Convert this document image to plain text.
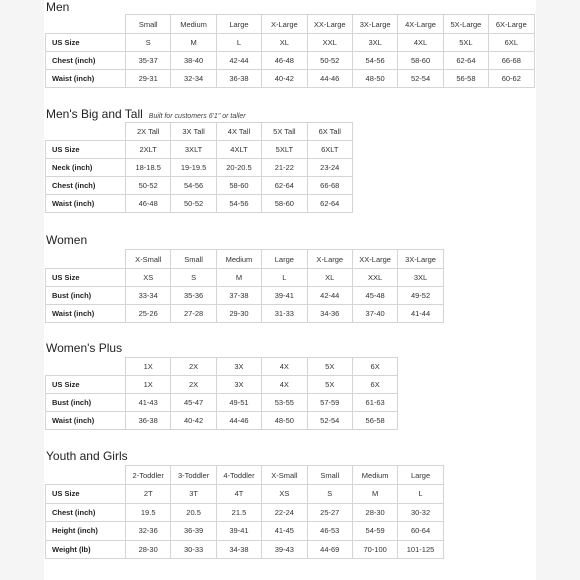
Men
	Small	Medium	Large	X-Large	XX-Large	3X-Large	4X-Large	5X-Large	6X-Large
US Size	S	M	L	XL	XXL	3XL	4XL	5XL	6XL
Chest (inch)	35-37	38-40	42-44	46-48	50-52	54-56	58-60	62-64	66-68
Waist (inch)	29-31	32-34	36-38	40-42	44-46	48-50	52-54	56-58	60-62
Men's Big and Tall Built for customers 6'1" or taller
	2X Tall	3X Tall	4X Tall	5X Tall	6X Tall
US Size	2XLT	3XLT	4XLT	5XLT	6XLT
Neck (inch)	18-18.5	19-19.5	20-20.5	21-22	23-24
Chest (inch)	50-52	54-56	58-60	62-64	66-68
Waist (inch)	46-48	50-52	54-56	58-60	62-64
Women
	X-Small	Small	Medium	Large	X-Large	XX-Large	3X-Large
US Size	XS	S	M	L	XL	XXL	3XL
Bust (inch)	33-34	35-36	37-38	39-41	42-44	45-48	49-52
Waist (inch)	25-26	27-28	29-30	31-33	34-36	37-40	41-44
Women's Plus
	1X	2X	3X	4X	5X	6X
US Size	1X	2X	3X	4X	5X	6X
Bust (inch)	41-43	45-47	49-51	53-55	57-59	61-63
Waist (inch)	36-38	40-42	44-46	48-50	52-54	56-58
Youth and Girls
	2-Toddler	3-Toddler	4-Toddler	X-Small	Small	Medium	Large
US Size	2T	3T	4T	XS	S	M	L
Chest (inch)	19.5	20.5	21.5	22-24	25-27	28-30	30-32
Height (inch)	32-36	36-39	39-41	41-45	46-53	54-59	60-64
Weight (lb)	28-30	30-33	34-38	39-43	44-69	70-100	101-125
